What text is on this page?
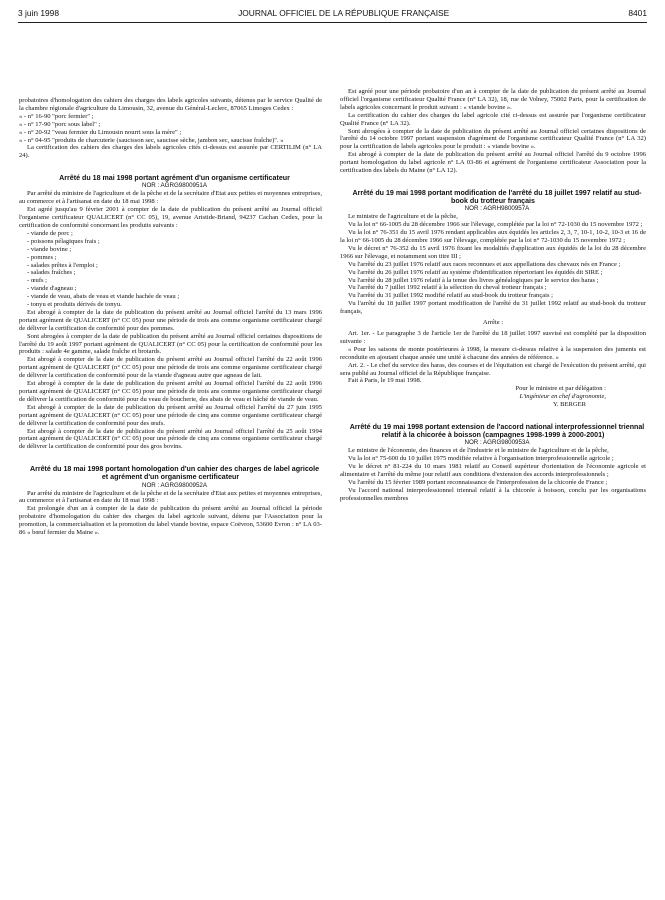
3 juin 1998	JOURNAL OFFICIEL DE LA RÉPUBLIQUE FRANÇAISE	8401

probatoires d'homologation des cahiers des charges des labels agricoles suivants, détenus par le service Qualité de la chambre régionale d'agriculture du Limousin, 32, avenue du Général-Leclerc, 87065 Limoges Cedex :

« - n° 16-90 "porc fermier" ;

« - n° 17-90 "porc sous label" ;

« - n° 20-92 "veau fermier du Limousin nourri sous la mère" ;

« - n° 04-95 "produits de charcuterie (saucisson sec, saucisse sèche, jambon sec, saucisse fraîche)". »

La certification des cahiers des charges des labels agricoles cités ci-dessus est assurée par CERTILIM (n° LA 24).

Arrêté du 18 mai 1998 portant agrément d'un organisme certificateur

NOR : AGRG9800951A

Par arrêté du ministre de l'agriculture et de la pêche et de la secrétaire d'Etat aux petites et moyennes entreprises, au commerce et à l'artisanat en date du 18 mai 1998 :

Est agréé jusqu'au 9 février 2001 à compter de la date de publication du présent arrêté au Journal officiel l'organisme certificateur QUALICERT (n° CC 05), 19, avenue Aristide-Briand, 94237 Cachan Cedex, pour la certification de conformité concernant les produits suivants :

- viande de porc ;

- poissons pélagiques frais ;

- viande bovine ;

- pommes ;

- salades prêtes à l'emploi ;

- salades fraîches ;

- œufs ;

- viande d'agneau ;

- viande de veau, abats de veau et viande hachée de veau ;

- tonyu et produits dérivés de tonyu.

Est abrogé à compter de la date de publication du présent arrêté au Journal officiel l'arrêté du 13 mars 1996 portant agrément de QUALICERT (n° CC 05) pour une période de trois ans comme organisme certificateur chargé de délivrer la certification de conformité pour des pommes.

Sont abrogées à compter de la date de publication du présent arrêté au Journal officiel certaines dispositions de l'arrêté du 19 août 1997 portant agrément de QUALICERT (n° CC 05) pour la certification de conformité pour les produits : salade 4e gamme, salade fraîche et brotards.

Est abrogé à compter de la date de publication du présent arrêté au Journal officiel l'arrêté du 22 août 1996 portant agrément de QUALICERT (n° CC 05) pour une période de trois ans comme organisme certificateur chargé de délivrer la certification de conformité pour de la viande d'agneau autre que agneau de lait.

Est abrogé à compter de la date de publication du présent arrêté au Journal officiel l'arrêté du 22 août 1996 portant agrément de QUALICERT (n° CC 05) pour une période de trois ans comme organisme certificateur chargé de délivrer la certification de conformité pour du veau de boucherie, des abats de veau et hâché de viande de veau.

Est abrogé à compter de la date de publication du présent arrêté au Journal officiel l'arrêté du 27 juin 1995 portant agrément de QUALICERT (n° CC 05) pour une période de cinq ans comme organisme certificateur chargé de délivrer la certification de conformité pour des œufs.

Est abrogé à compter de la date de publication du présent arrêté au Journal officiel l'arrêté du 25 août 1994 portant agrément de QUALICERT (n° CC 05) pour une période de cinq ans comme organisme certificateur chargé de délivrer la certification de conformité pour des gros bovins.

Arrêté du 18 mai 1998 portant homologation d'un cahier des charges de label agricole et agrément d'un organisme certificateur

NOR : AGRG9800952A

Par arrêté du ministre de l'agriculture et de la pêche et de la secrétaire d'Etat aux petites et moyennes entreprises, au commerce et à l'artisanat en date du 18 mai 1998 :

Est prolongée d'un an à compter de la date de publication du présent arrêté au Journal officiel la période probatoire d'homologation du cahier des charges du label agricole suivant, détenu par l'Association pour la promotion, la commercialisation et la promotion du label viande bovine, espace Coëvron, 53600 Evron : n° LA 03-86 « bœuf fermier du Maine ».

Est agréé pour une période probatoire d'un an à compter de la date de publication du présent arrêté au Journal officiel l'organisme certificateur Qualité France (n° LA 32), 18, rue de Volney, 75002 Paris, pour la certification de labels agricoles concernant le produit suivant : « viande bovine ».

La certification du cahier des charges du label agricole cité ci-dessus est assurée par l'organisme certificateur Qualité France (n° LA 32).

Sont abrogées à compter de la date de publication du présent arrêté au Journal officiel certaines dispositions de l'arrêté du 14 octobre 1997 portant suspension d'agrément de l'organisme certificateur Qualité France (n° LA 32) pour la certification de labels agricoles pour le produit : « viande bovine ».

Est abrogé à compter de la date de publication du présent arrêté au Journal officiel l'arrêté du 9 octobre 1996 portant homologation du label agricole n° LA 03-86 et agrément de l'organisme certificateur Association pour la certification des labels du Maine (n° LA 12).

Arrêté du 19 mai 1998 portant modification de l'arrêté du 18 juillet 1997 relatif au stud-book du trotteur français

NOR : AGRH9800957A

Le ministre de l'agriculture et de la pêche,

Vu la loi n° 66-1005 du 28 décembre 1966 sur l'élevage, complétée par la loi n° 72-1030 du 15 novembre 1972 ;

Vu la loi n° 76-351 du 15 avril 1976 rendant applicables aux équidés les articles 2, 3, 7, 10-1, 10-2, 10-3 et 16 de la loi n° 66-1005 du 28 décembre 1966 sur l'élevage, complétée par la loi n° 72-1030 du 15 novembre 1972 ;

Vu le décret n° 76-352 du 15 avril 1976 fixant les modalités d'application aux équidés de la loi du 28 décembre 1966 sur l'élevage, et notamment son titre III ;

Vu l'arrêté du 23 juillet 1976 relatif aux races reconnues et aux appellations des chevaux nés en France ;

Vu l'arrêté du 26 juillet 1976 relatif au système d'identification répertoriant les équidés dit SIRE ;

Vu l'arrêté du 28 juillet 1976 relatif à la tenue des livres généalogiques par le service des haras ;

Vu l'arrêté du 7 juillet 1992 relatif à la sélection du cheval trotteur français ;

Vu l'arrêté du 31 juillet 1992 modifié relatif au stud-book du trotteur français ;

Vu l'arrêté du 18 juillet 1997 portant modification de l'arrêté du 31 juillet 1992 relatif au stud-book du trotteur français,

Arrête :

Art. 1er. - Le paragraphe 3 de l'article 1er de l'arrêté du 18 juillet 1997 susvisé est complété par la disposition suivante :

« Pour les saisons de monte postérieures à 1998, la mesure ci-dessus relative à la suspension des juments est reconduite en ajoutant chaque année une unité à chacune des années de référence. »

Art. 2. - Le chef du service des haras, des courses et de l'équitation est chargé de l'exécution du présent arrêté, qui sera publié au Journal officiel de la République française.

Fait à Paris, le 19 mai 1998.

Pour le ministre et par délégation :

L'ingénieur en chef d'agronomie,

Y. BERGER

Arrêté du 19 mai 1998 portant extension de l'accord national interprofessionnel triennal relatif à la chicorée à boisson (campagnes 1998-1999 à 2000-2001)

NOR : AGRG9800953A

Le ministre de l'économie, des finances et de l'industrie et le ministre de l'agriculture et de la pêche,

Vu la loi n° 75-600 du 10 juillet 1975 modifiée relative à l'organisation interprofessionnelle agricole ;

Vu le décret n° 81-224 du 10 mars 1981 relatif au Conseil supérieur d'orientation de l'économie agricole et alimentaire et l'arrêté du même jour relatif aux conditions d'extension des accords interprofessionnels ;

Vu l'arrêté du 15 février 1989 portant reconnaissance de l'interprofession de la chicorée de France ;

Vu l'accord national interprofessionnel triennal relatif à la chicorée à boisson, conclu par les organisations professionnelles membres
